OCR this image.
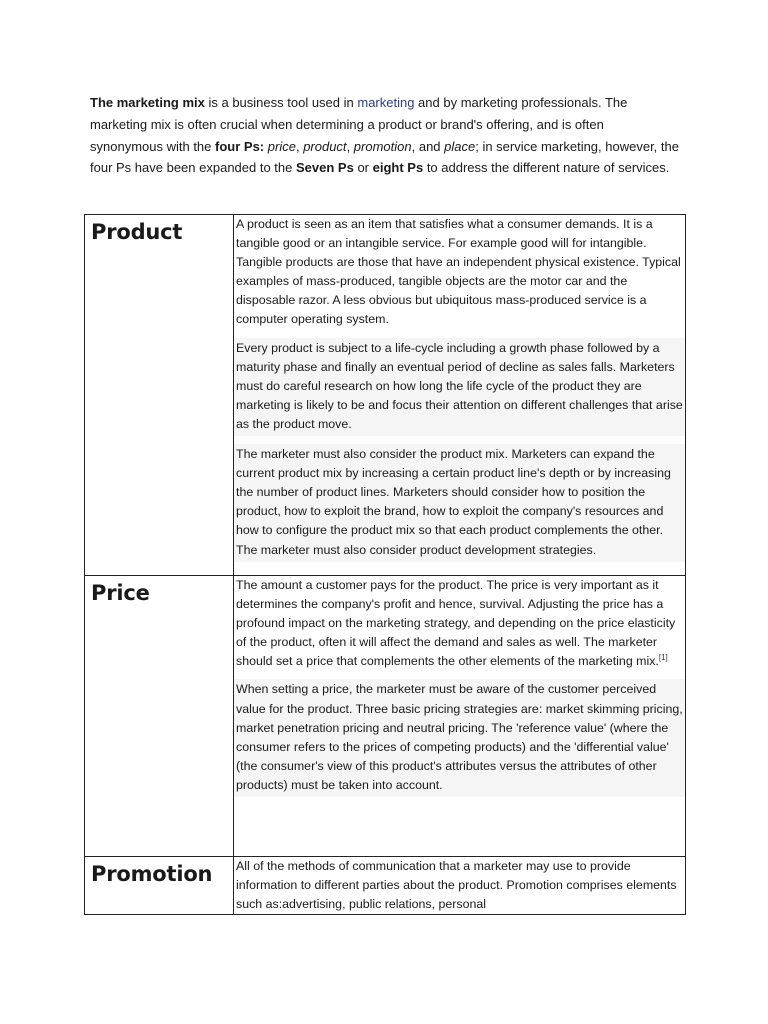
The marketing mix is a business tool used in marketing and by marketing professionals. The marketing mix is often crucial when determining a product or brand's offering, and is often synonymous with the four Ps: price, product, promotion, and place; in service marketing, however, the four Ps have been expanded to the Seven Ps or eight Ps to address the different nature of services.

Product	A product is seen as an item that satisfies what a consumer demands. It is a tangible good or an intangible service. For example good will for intangible. Tangible products are those that have an independent physical existence. Typical examples of mass-produced, tangible objects are the motor car and the disposable razor. A less obvious but ubiquitous mass-produced service is a computer operating system.

Every product is subject to a life-cycle including a growth phase followed by a maturity phase and finally an eventual period of decline as sales falls. Marketers must do careful research on how long the life cycle of the product they are marketing is likely to be and focus their attention on different challenges that arise as the product move.

The marketer must also consider the product mix. Marketers can expand the current product mix by increasing a certain product line's depth or by increasing the number of product lines. Marketers should consider how to position the product, how to exploit the brand, how to exploit the company's resources and how to configure the product mix so that each product complements the other. The marketer must also consider product development strategies.

Price	The amount a customer pays for the product. The price is very important as it determines the company's profit and hence, survival. Adjusting the price has a profound impact on the marketing strategy, and depending on the price elasticity of the product, often it will affect the demand and sales as well. The marketer should set a price that complements the other elements of the marketing mix.[1]

When setting a price, the marketer must be aware of the customer perceived value for the product. Three basic pricing strategies are: market skimming pricing, market penetration pricing and neutral pricing. The 'reference value' (where the consumer refers to the prices of competing products) and the 'differential value' (the consumer's view of this product's attributes versus the attributes of other products) must be taken into account.

Promotion	All of the methods of communication that a marketer may use to provide information to different parties about the product. Promotion comprises elements such as:advertising, public relations, personal
